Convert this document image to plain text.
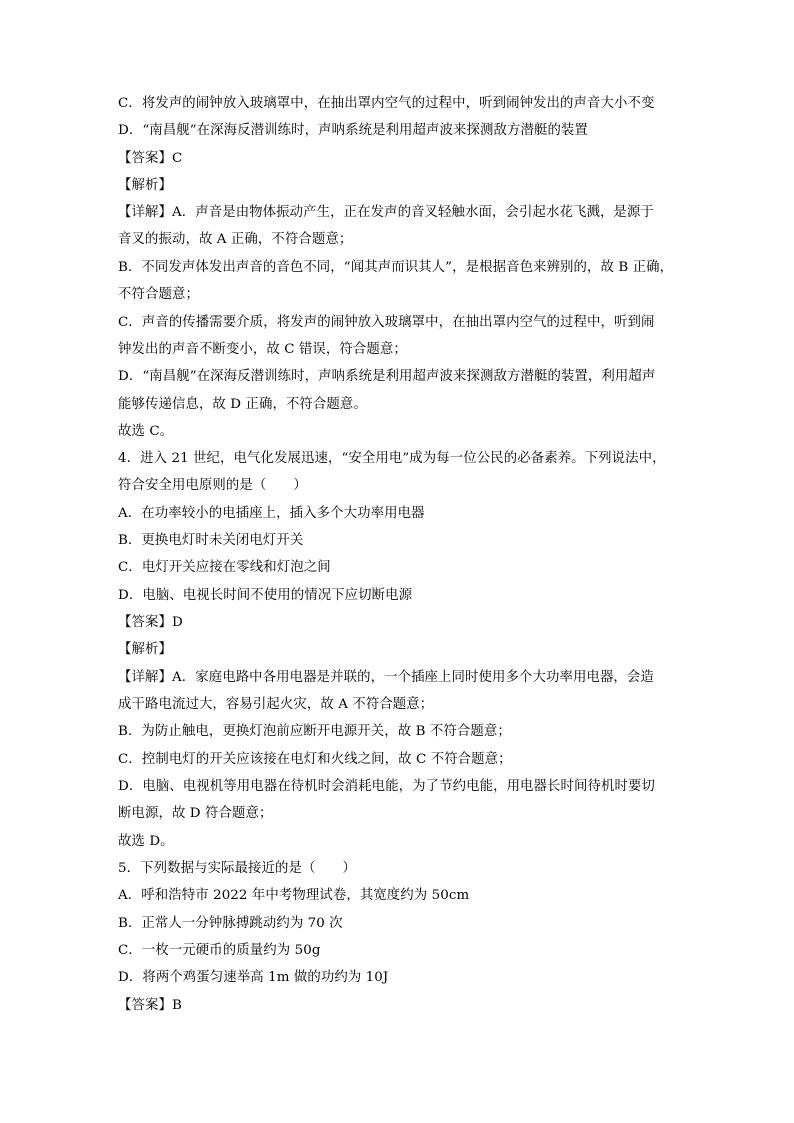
C．将发声的闹钟放入玻璃罩中，在抽出罩内空气的过程中，听到闹钟发出的声音大小不变
D．“南昌舰”在深海反潜训练时，声呐系统是利用超声波来探测敌方潜艇的装置
【答案】C
【解析】
【详解】A．声音是由物体振动产生，正在发声的音叉轻触水面，会引起水花飞溅，是源于
音叉的振动，故 A 正确，不符合题意；
B．不同发声体发出声音的音色不同，“闻其声而识其人”，是根据音色来辨别的，故 B 正确，
不符合题意；
C．声音的传播需要介质，将发声的闹钟放入玻璃罩中，在抽出罩内空气的过程中，听到闹
钟发出的声音不断变小，故 C 错误，符合题意；
D．“南昌舰”在深海反潜训练时，声呐系统是利用超声波来探测敌方潜艇的装置，利用超声
能够传递信息，故 D 正确，不符合题意。
故选 C。
4．进入 21 世纪，电气化发展迅速，“安全用电”成为每一位公民的必备素养。下列说法中，
符合安全用电原则的是（　　）
A．在功率较小的电插座上，插入多个大功率用电器
B．更换电灯时未关闭电灯开关
C．电灯开关应接在零线和灯泡之间
D．电脑、电视长时间不使用的情况下应切断电源
【答案】D
【解析】
【详解】A．家庭电路中各用电器是并联的，一个插座上同时使用多个大功率用电器，会造
成干路电流过大，容易引起火灾，故 A 不符合题意；
B．为防止触电，更换灯泡前应断开电源开关，故 B 不符合题意；
C．控制电灯的开关应该接在电灯和火线之间，故 C 不符合题意；
D．电脑、电视机等用电器在待机时会消耗电能，为了节约电能，用电器长时间待机时要切
断电源，故 D 符合题意；
故选 D。
5．下列数据与实际最接近的是（　　）
A．呼和浩特市 2022 年中考物理试卷，其宽度约为 50cm
B．正常人一分钟脉搏跳动约为 70 次
C．一枚一元硬币的质量约为 50g
D．将两个鸡蛋匀速举高 1m 做的功约为 10J
【答案】B
